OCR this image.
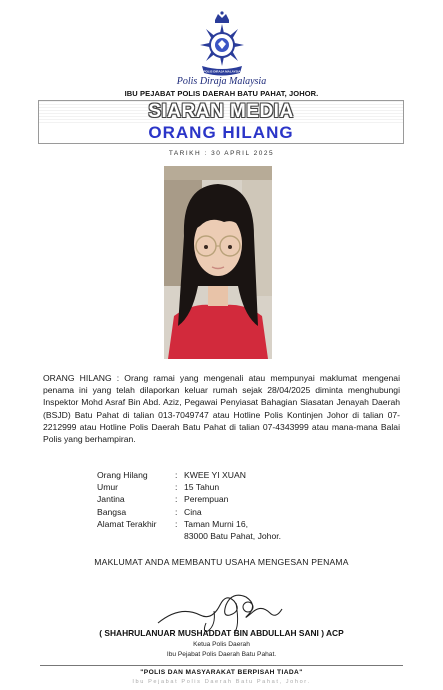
POLIS DIRAJA MALAYSIA
Polis Diraja Malaysia
IBU PEJABAT POLIS DAERAH BATU PAHAT, JOHOR.
SIARAN MEDIA
ORANG HILANG
TARIKH : 30 APRIL 2025
ORANG HILANG : Orang ramai yang mengenali atau mempunyai maklumat mengenai penama ini yang telah dilaporkan keluar rumah sejak 28/04/2025 diminta menghubungi Inspektor Mohd Asraf Bin Abd. Aziz, Pegawai Penyiasat Bahagian Siasatan Jenayah Daerah (BSJD) Batu Pahat di talian 013-7049747 atau Hotline Polis Kontinjen Johor di talian 07-2212999 atau Hotline Polis Daerah Batu Pahat di talian 07-4343999 atau mana-mana Balai Polis yang berhampiran.
Orang Hilang	: KWEE YI XUAN
Umur	: 15 Tahun
Jantina	: Perempuan
Bangsa	: Cina
Alamat Terakhir	: Taman Murni 16,
83000 Batu Pahat, Johor.
MAKLUMAT ANDA MEMBANTU USAHA MENGESAN PENAMA
( SHAHRULANUAR MUSHADDAT BIN ABDULLAH SANI ) ACP
Ketua Polis Daerah
Ibu Pejabat Polis Daerah Batu Pahat.
"POLIS DAN MASYARAKAT BERPISAH TIADA"
Ibu Pejabat Polis Daerah Batu Pahat, Johor.
